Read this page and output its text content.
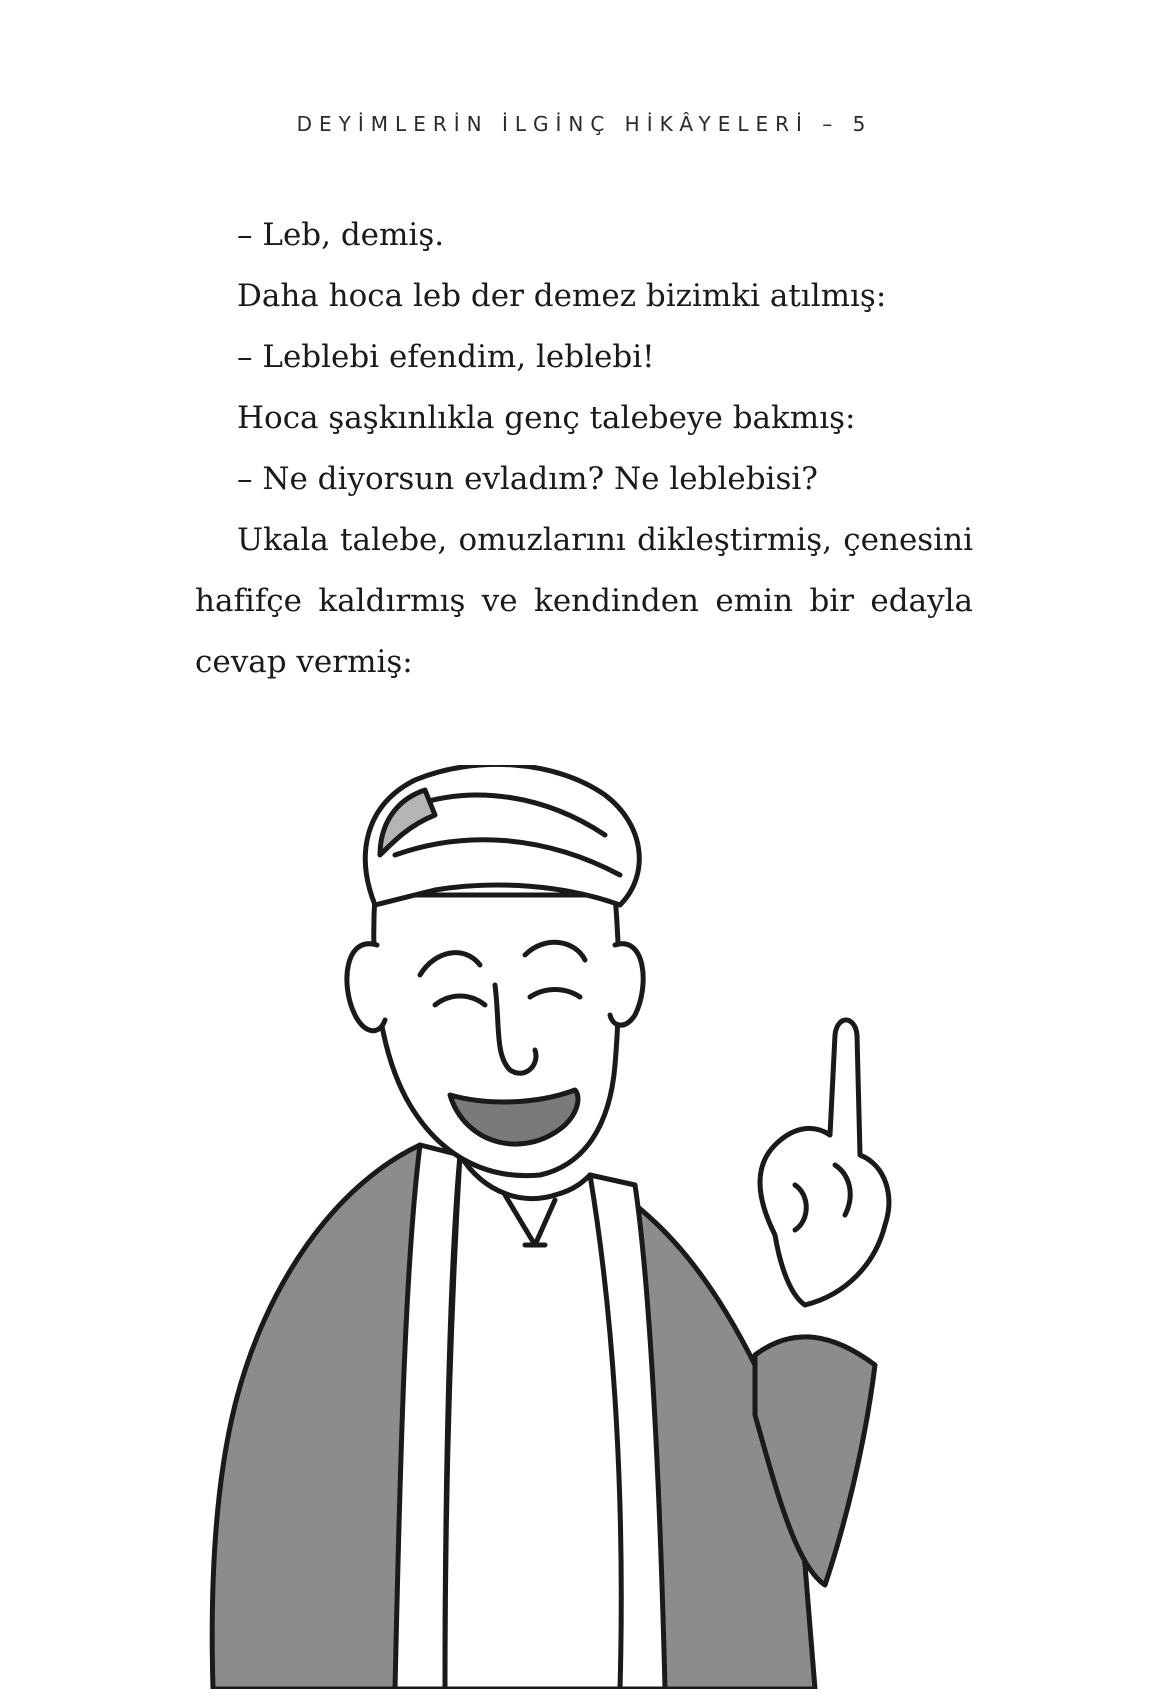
DEYİMLERİN İLGİNÇ HİKÂYELERİ – 5

– Leb, demiş.

Daha hoca leb der demez bizimki atılmış:

– Leblebi efendim, leblebi!

Hoca şaşkınlıkla genç talebeye bakmış:

– Ne diyorsun evladım? Ne leblebisi?

Ukala talebe, omuzlarını dikleştirmiş, çenesini hafifçe kaldırmış ve kendinden emin bir edayla cevap vermiş:
